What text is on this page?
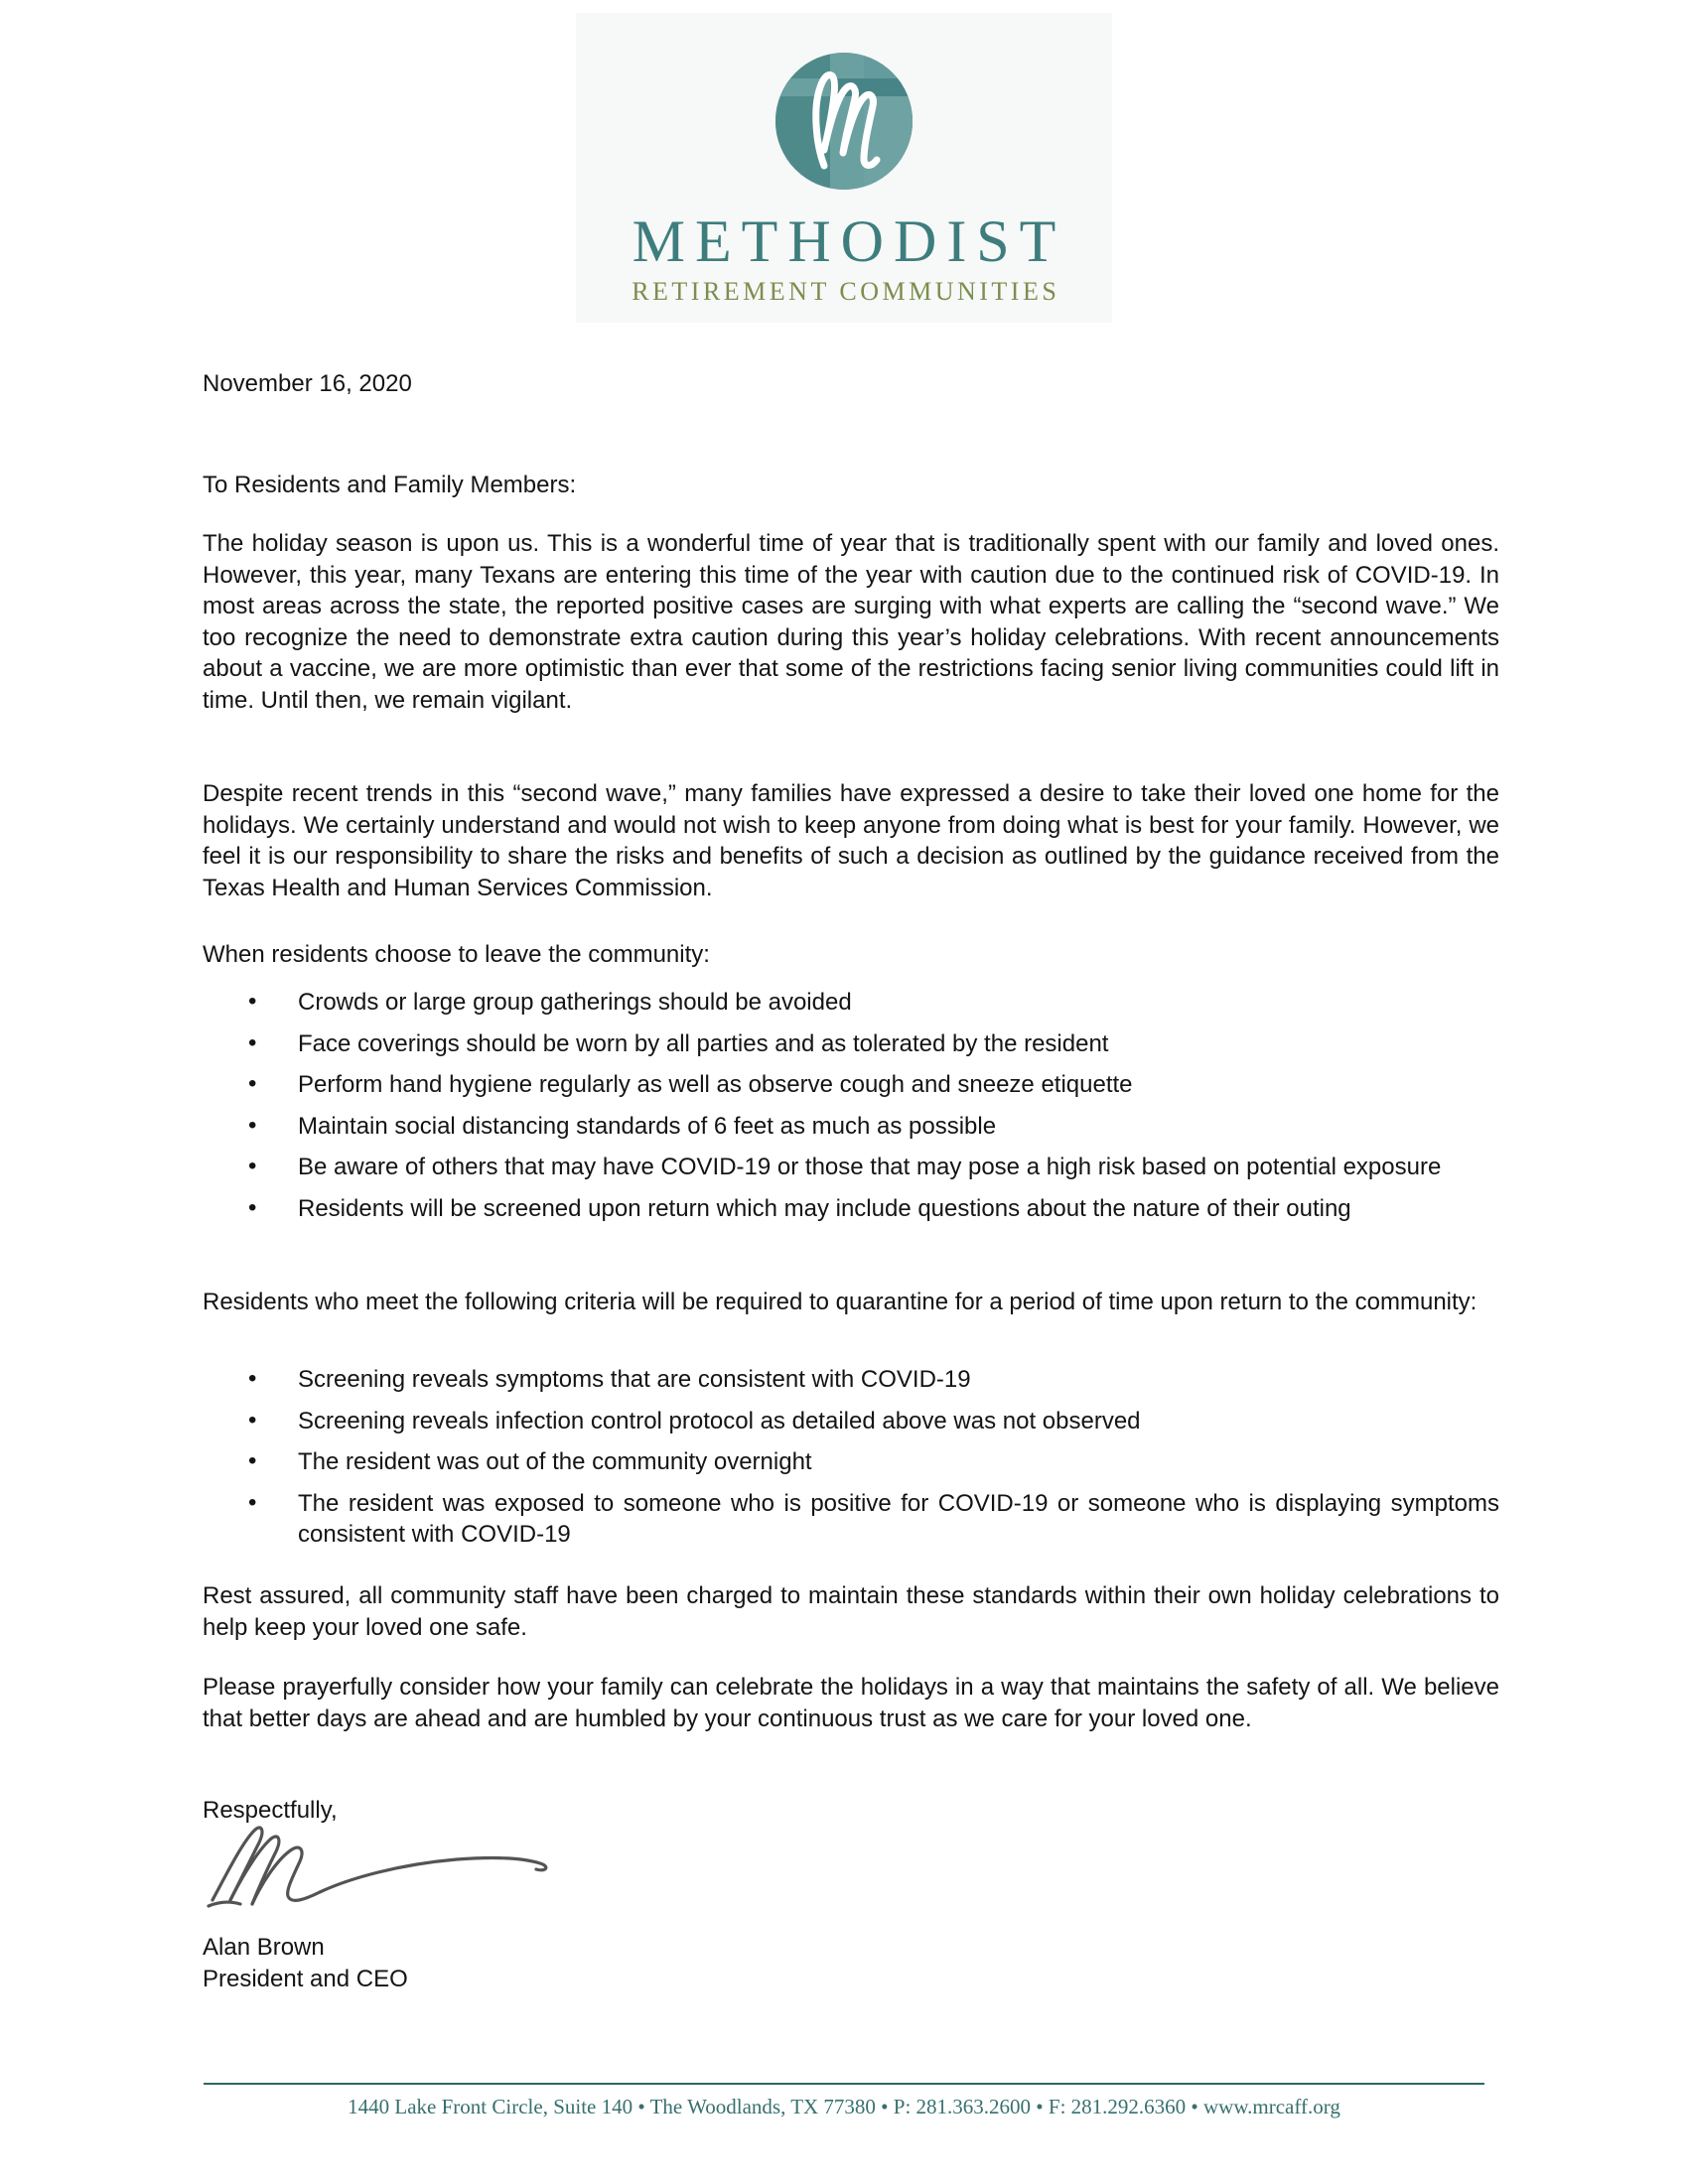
METHODIST
RETIREMENT COMMUNITIES
November 16, 2020
To Residents and Family Members:
The holiday season is upon us. This is a wonderful time of year that is traditionally spent with our family and loved ones. However, this year, many Texans are entering this time of the year with caution due to the continued risk of COVID-19. In most areas across the state, the reported positive cases are surging with what experts are calling the “second wave.” We too recognize the need to demonstrate extra caution during this year’s holiday celebrations. With recent announcements about a vaccine, we are more optimistic than ever that some of the restrictions facing senior living communities could lift in time. Until then, we remain vigilant.
Despite recent trends in this “second wave,” many families have expressed a desire to take their loved one home for the holidays. We certainly understand and would not wish to keep anyone from doing what is best for your family. However, we feel it is our responsibility to share the risks and benefits of such a decision as outlined by the guidance received from the Texas Health and Human Services Commission.
When residents choose to leave the community:
• Crowds or large group gatherings should be avoided
• Face coverings should be worn by all parties and as tolerated by the resident
• Perform hand hygiene regularly as well as observe cough and sneeze etiquette
• Maintain social distancing standards of 6 feet as much as possible
• Be aware of others that may have COVID-19 or those that may pose a high risk based on potential exposure
• Residents will be screened upon return which may include questions about the nature of their outing
Residents who meet the following criteria will be required to quarantine for a period of time upon return to the community:
• Screening reveals symptoms that are consistent with COVID-19
• Screening reveals infection control protocol as detailed above was not observed
• The resident was out of the community overnight
• The resident was exposed to someone who is positive for COVID-19 or someone who is displaying symptoms consistent with COVID-19
Rest assured, all community staff have been charged to maintain these standards within their own holiday celebrations to help keep your loved one safe.
Please prayerfully consider how your family can celebrate the holidays in a way that maintains the safety of all. We believe that better days are ahead and are humbled by your continuous trust as we care for your loved one.
Respectfully,
Alan Brown
President and CEO
1440 Lake Front Circle, Suite 140 • The Woodlands, TX 77380 • P: 281.363.2600 • F: 281.292.6360 • www.mrcaff.org
